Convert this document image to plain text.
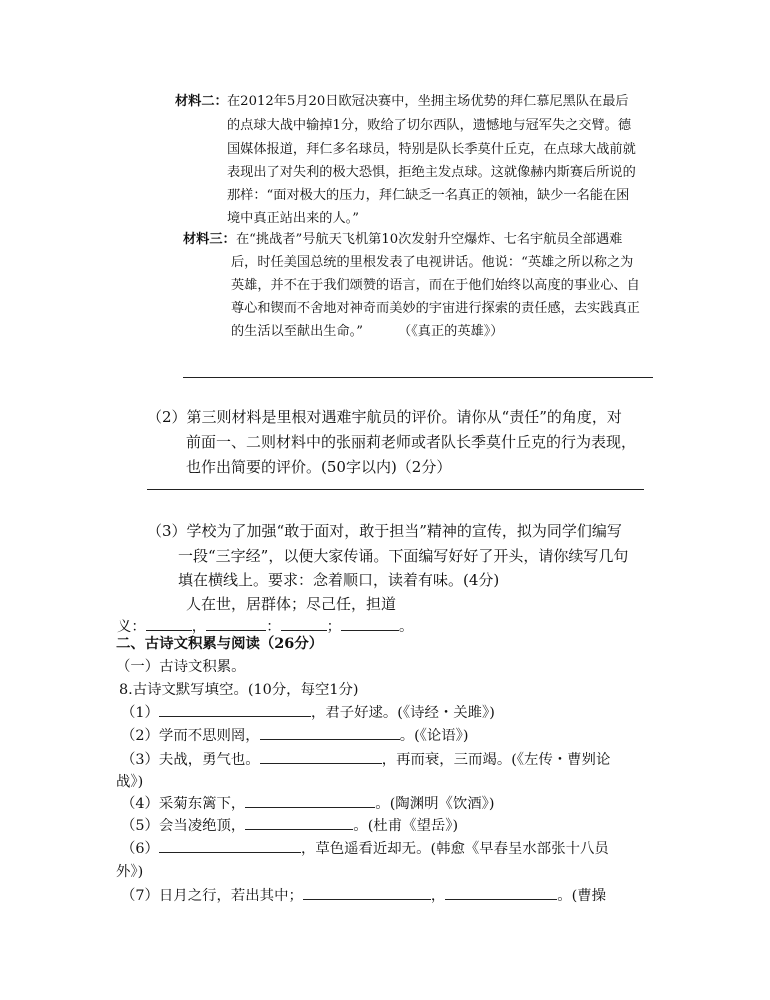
材料二： 在2012年5月20日欧冠决赛中，坐拥主场优势的拜仁慕尼黑队在最后
的点球大战中输掉1分，败给了切尔西队，遗憾地与冠军失之交臂。德
国媒体报道，拜仁多名球员，特别是队长季莫什丘克，在点球大战前就
表现出了对失利的极大恐惧，拒绝主发点球。这就像赫内斯赛后所说的
那样：“面对极大的压力，拜仁缺乏一名真正的领袖，缺少一名能在困
境中真正站出来的人。”
材料三： 在“挑战者”号航天飞机第10次发射升空爆炸、七名宇航员全部遇难
后，时任美国总统的里根发表了电视讲话。他说：“英雄之所以称之为
英雄，并不在于我们颂赞的语言，而在于他们始终以高度的事业心、自
尊心和锲而不舍地对神奇而美妙的宇宙进行探索的责任感，去实践真正
的生活以至献出生命。”	（《真正的英雄》）
（2）第三则材料是里根对遇难宇航员的评价。请你从“责任”的角度，对
前面一、二则材料中的张丽莉老师或者队长季莫什丘克的行为表现，
也作出简要的评价。(50字以内)（2分）
（3）学校为了加强“敢于面对，敢于担当”精神的宣传，拟为同学们编写
一段“三字经”，以便大家传诵。下面编写好好了开头，请你续写几句
填在横线上。要求：念着顺口，读着有味。(4分)
人在世，居群体；尽己任，担道
义：	，	：	；	。
二、古诗文积累与阅读（26分）
（一）古诗文积累。
8.古诗文默写填空。(10分，每空1分)
（1）	，君子好逑。(《诗经・关雎》)
（2）学而不思则罔，	。(《论语》)
（3）夫战，勇气也。	，再而衰，三而竭。(《左传・曹刿论
战》)
（4）采菊东篱下，	。(陶渊明《饮酒》)
（5）会当凌绝顶，	。(杜甫《望岳》)
（6）	，草色遥看近却无。(韩愈《早春呈水部张十八员
外》)
（7）日月之行，若出其中；	，	。(曹操
